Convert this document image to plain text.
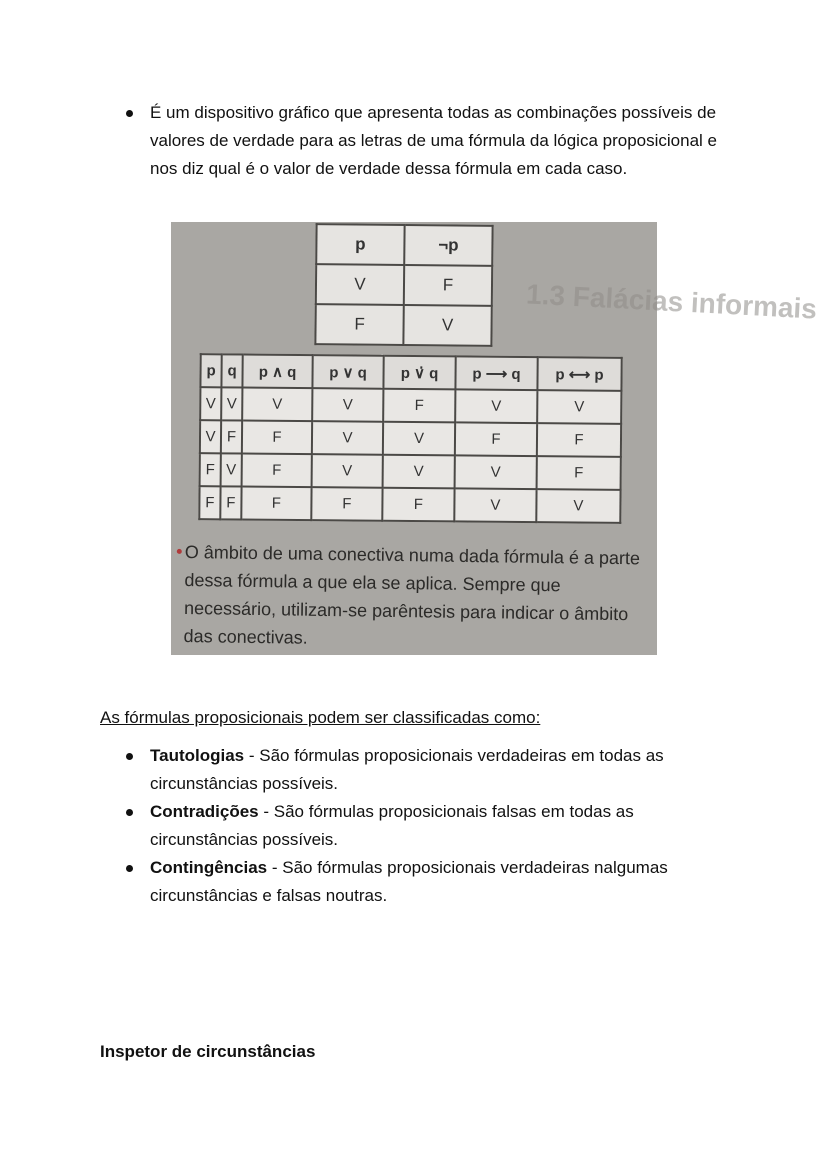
É um dispositivo gráfico que apresenta todas as combinações possíveis de valores de verdade para as letras de uma fórmula da lógica proposicional e nos diz qual é o valor de verdade dessa fórmula em cada caso.
1.3 Falácias informais
p	¬p
V	F
F	V
p	q	p ∧ q	p ∨ q	p ∨̇ q	p ⟶ q	p ⟷ p
V	V	V	V	F	V	V
V	F	F	V	V	F	F
F	V	F	V	V	V	F
F	F	F	F	F	V	V
O âmbito de uma conectiva numa dada fórmula é a parte dessa fórmula a que ela se aplica. Sempre que necessário, utilizam-se parêntesis para indicar o âmbito das conectivas.
As fórmulas proposicionais podem ser classificadas como:
Tautologias - São fórmulas proposicionais verdadeiras em todas as circunstâncias possíveis.
Contradições - São fórmulas proposicionais falsas em todas as circunstâncias possíveis.
Contingências - São fórmulas proposicionais verdadeiras nalgumas circunstâncias e falsas noutras.
Inspetor de circunstâncias
